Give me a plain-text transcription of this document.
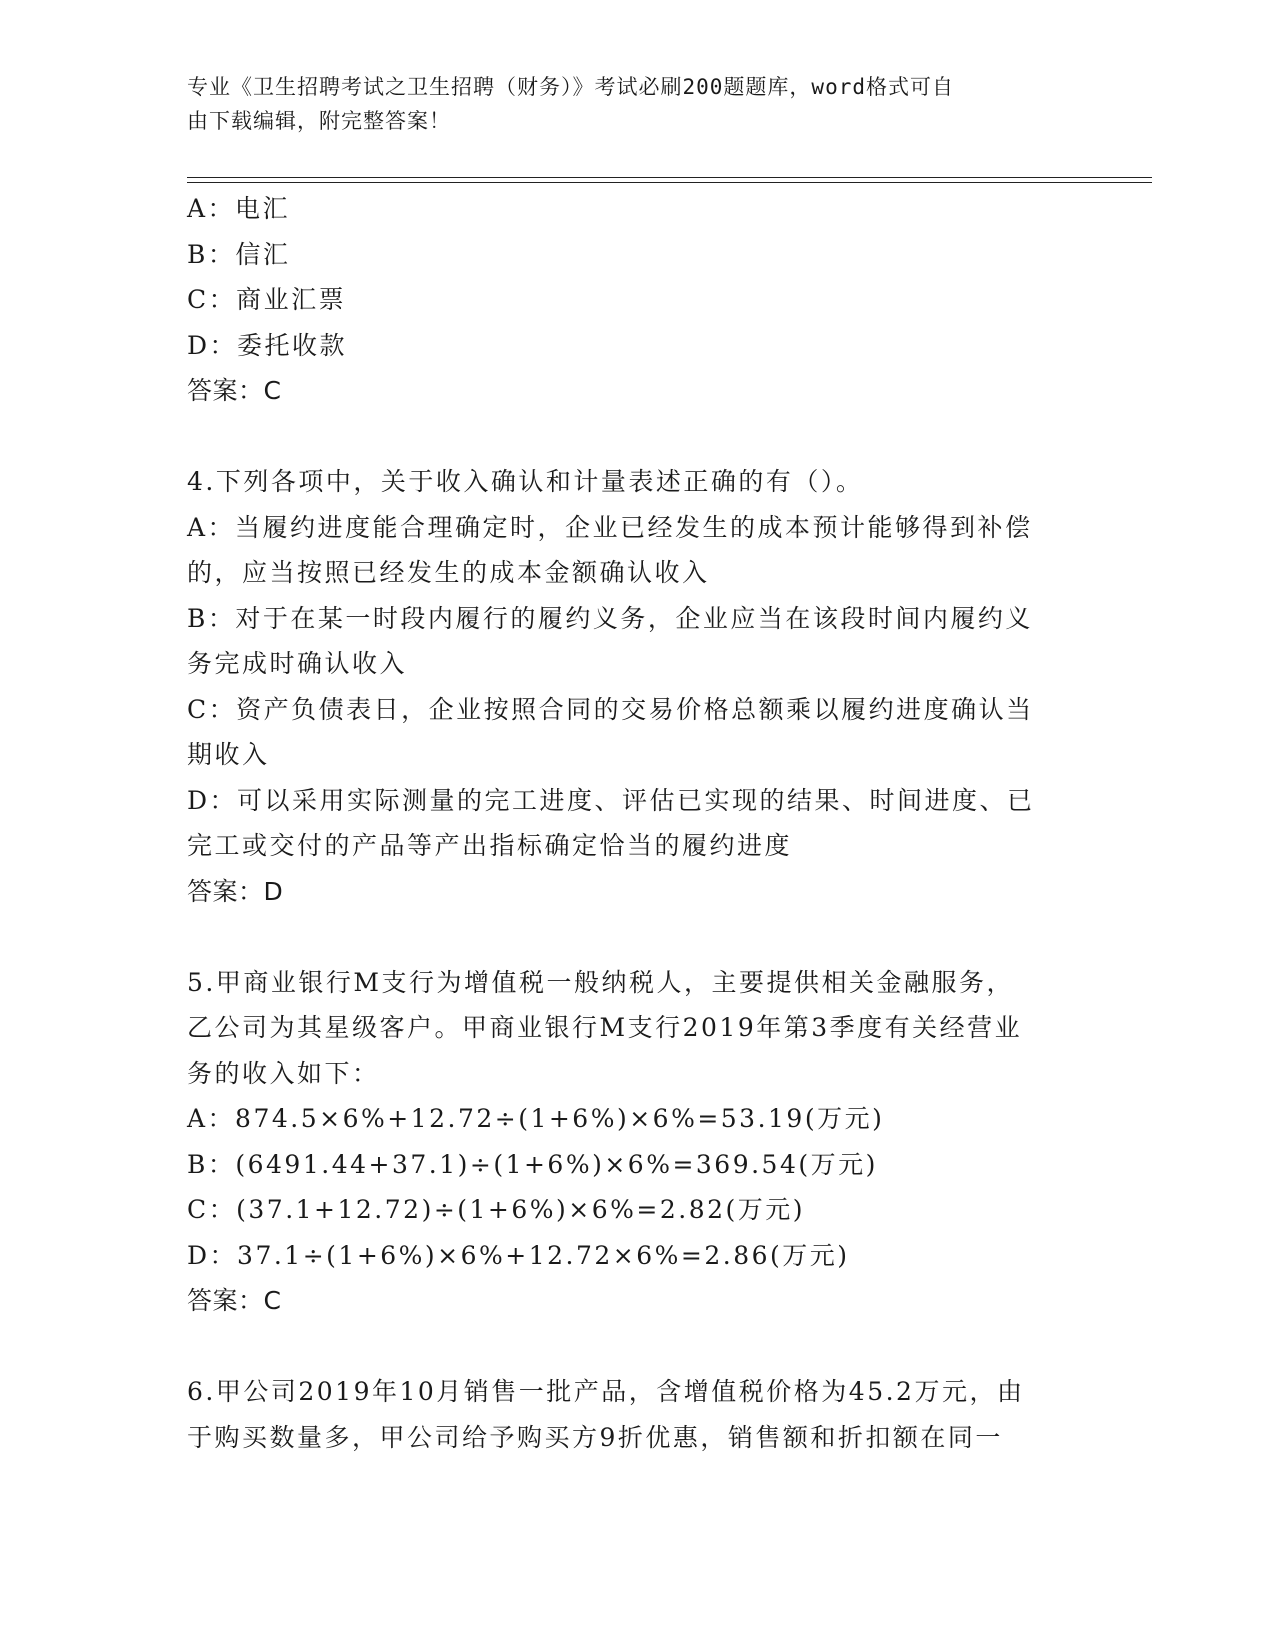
专业《卫生招聘考试之卫生招聘（财务）》考试必刷200题题库，word格式可自
由下载编辑，附完整答案！
A：电汇
B：信汇
C：商业汇票
D：委托收款
答案：C
4.下列各项中，关于收入确认和计量表述正确的有（）。
A：当履约进度能合理确定时，企业已经发生的成本预计能够得到补偿
的，应当按照已经发生的成本金额确认收入
B：对于在某一时段内履行的履约义务，企业应当在该段时间内履约义
务完成时确认收入
C：资产负债表日，企业按照合同的交易价格总额乘以履约进度确认当
期收入
D：可以采用实际测量的完工进度、评估已实现的结果、时间进度、已
完工或交付的产品等产出指标确定恰当的履约进度
答案：D
5.甲商业银行M支行为增值税一般纳税人，主要提供相关金融服务，
乙公司为其星级客户。甲商业银行M支行2019年第3季度有关经营业
务的收入如下：
A：874.5×6%+12.72÷(1+6%)×6%=53.19(万元)
B：(6491.44+37.1)÷(1+6%)×6%=369.54(万元)
C：(37.1+12.72)÷(1+6%)×6%=2.82(万元)
D：37.1÷(1+6%)×6%+12.72×6%=2.86(万元)
答案：C
6.甲公司2019年10月销售一批产品，含增值税价格为45.2万元，由
于购买数量多，甲公司给予购买方9折优惠，销售额和折扣额在同一
